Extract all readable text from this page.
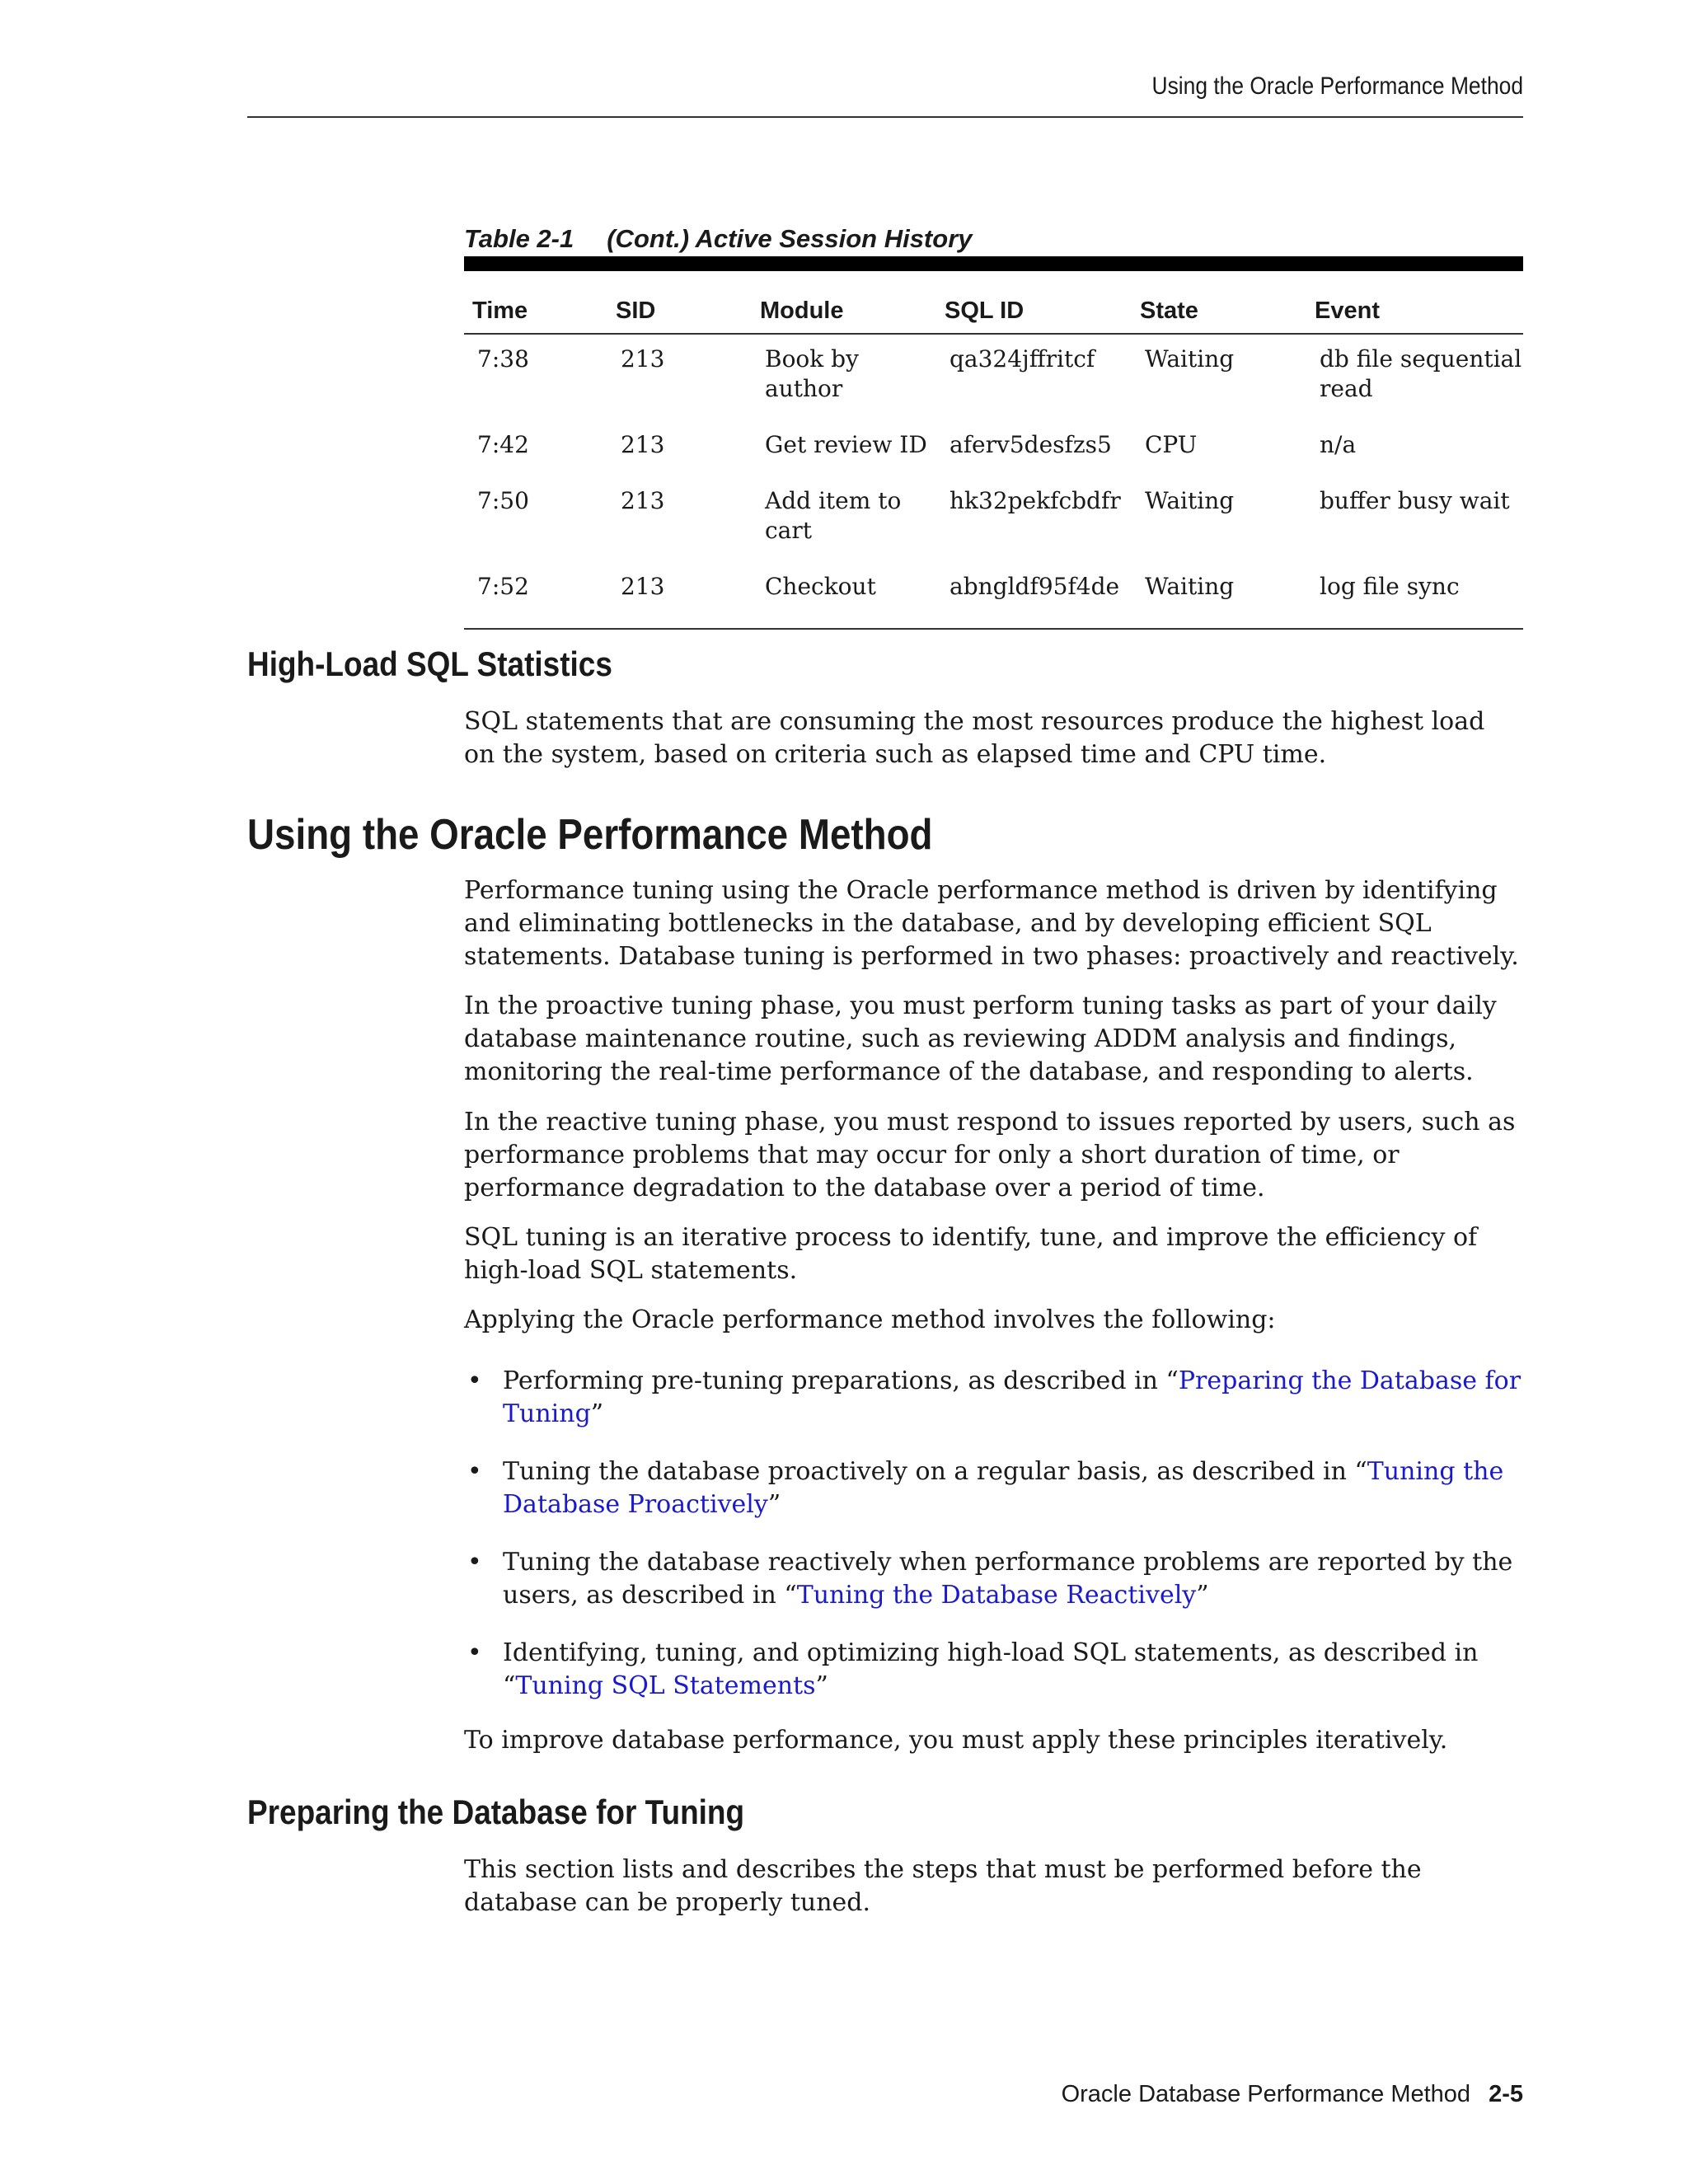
Using the Oracle Performance Method
Table 2-1 (Cont.) Active Session History
Time	SID	Module	SQL ID	State	Event
7:38	213	Book by author	qa324jffritcf	Waiting	db file sequential read
7:42	213	Get review ID	aferv5desfzs5	CPU	n/a
7:50	213	Add item to cart	hk32pekfcbdfr	Waiting	buffer busy wait
7:52	213	Checkout	abngldf95f4de	Waiting	log file sync
High-Load SQL Statistics

SQL statements that are consuming the most resources produce the highest load on the system, based on criteria such as elapsed time and CPU time.

Using the Oracle Performance Method

Performance tuning using the Oracle performance method is driven by identifying and eliminating bottlenecks in the database, and by developing efficient SQL statements. Database tuning is performed in two phases: proactively and reactively.

In the proactive tuning phase, you must perform tuning tasks as part of your daily database maintenance routine, such as reviewing ADDM analysis and findings, monitoring the real-time performance of the database, and responding to alerts.

In the reactive tuning phase, you must respond to issues reported by users, such as performance problems that may occur for only a short duration of time, or performance degradation to the database over a period of time.

SQL tuning is an iterative process to identify, tune, and improve the efficiency of high-load SQL statements.

Applying the Oracle performance method involves the following:

• Performing pre-tuning preparations, as described in “Preparing the Database for Tuning”
• Tuning the database proactively on a regular basis, as described in “Tuning the Database Proactively”
• Tuning the database reactively when performance problems are reported by the users, as described in “Tuning the Database Reactively”
• Identifying, tuning, and optimizing high-load SQL statements, as described in “Tuning SQL Statements”

To improve database performance, you must apply these principles iteratively.

Preparing the Database for Tuning

This section lists and describes the steps that must be performed before the database can be properly tuned.

Oracle Database Performance Method 2-5
